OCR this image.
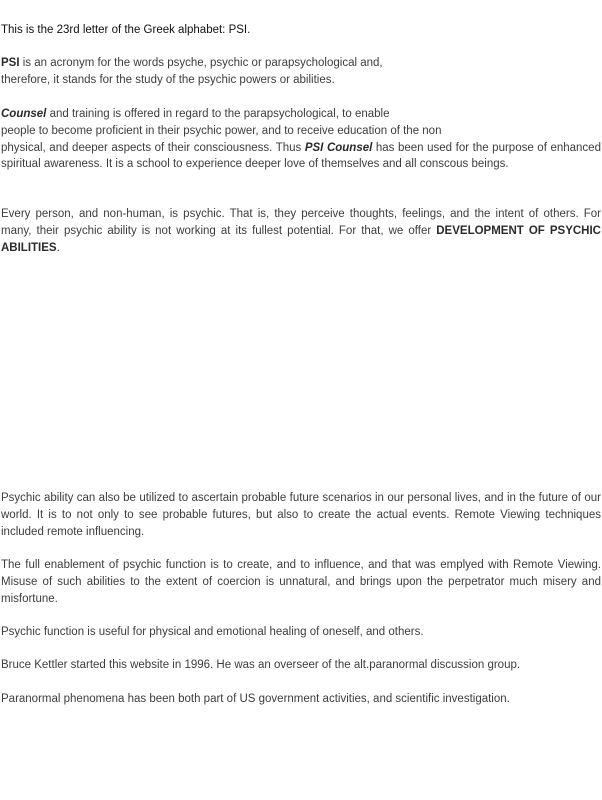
This is the 23rd letter of the Greek alphabet: PSI.

PSI is an acronym for the words psyche, psychic or parapsychological and,
therefore, it stands for the study of the psychic powers or abilities.

Counsel and training is offered in regard to the parapsychological, to enable
people to become proficient in their psychic power, and to receive education of the non

physical, and deeper aspects of their consciousness. Thus PSI Counsel has been used for the purpose of enhanced spiritual awareness. It is a school to experience deeper love of themselves and all conscous beings.

Every person, and non-human, is psychic. That is, they perceive thoughts, feelings, and the intent of others. For many, their psychic ability is not working at its fullest potential. For that, we offer DEVELOPMENT OF PSYCHIC ABILITIES.

Psychic ability can also be utilized to ascertain probable future scenarios in our personal lives, and in the future of our world. It is to not only to see probable futures, but also to create the actual events. Remote Viewing techniques included remote influencing.

The full enablement of psychic function is to create, and to influence, and that was emplyed with Remote Viewing. Misuse of such abilities to the extent of coercion is unnatural, and brings upon the perpetrator much misery and misfortune.

Psychic function is useful for physical and emotional healing of oneself, and others.

Bruce Kettler started this website in 1996. He was an overseer of the alt.paranormal discussion group.

Paranormal phenomena has been both part of US government activities, and scientific investigation.
